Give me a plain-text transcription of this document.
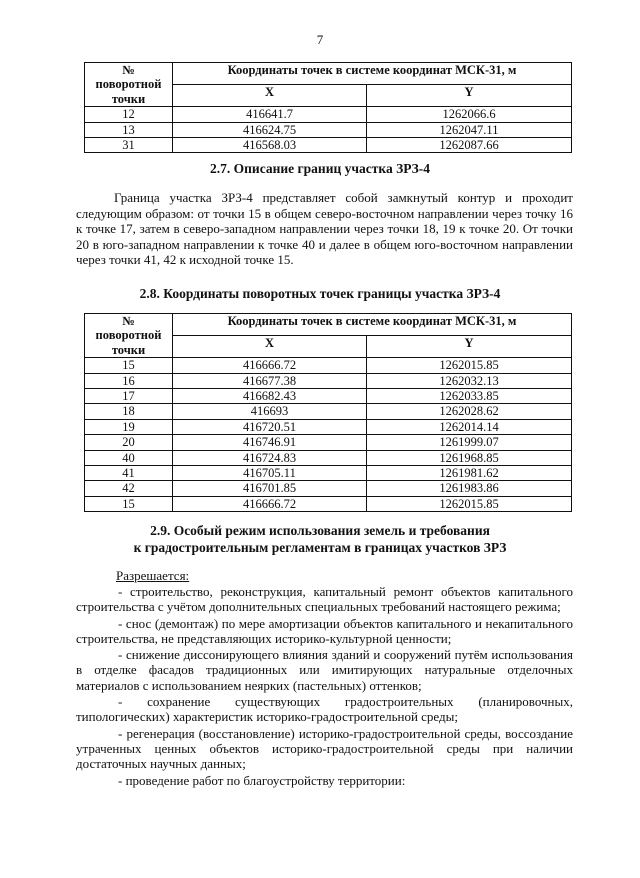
7
№ поворотной точки	Координаты точек в системе координат МСК-31, м	
	X	Y
12	416641.7	1262066.6
13	416624.75	1262047.11
31	416568.03	1262087.66
2.7. Описание границ участка ЗРЗ-4

Граница участка ЗРЗ-4 представляет собой замкнутый контур и проходит следующим образом: от точки 15 в общем северо-восточном направлении через точку 16 к точке 17, затем в северо-западном направлении через точки 18, 19 к точке 20. От точки 20 в юго-западном направлении к точке 40 и далее в общем юго-восточном направлении через точки 41, 42 к исходной точке 15.

2.8. Координаты поворотных точек границы участка ЗРЗ-4
№ поворотной точки	Координаты точек в системе координат МСК-31, м	
	X	Y
15	416666.72	1262015.85
16	416677.38	1262032.13
17	416682.43	1262033.85
18	416693	1262028.62
19	416720.51	1262014.14
20	416746.91	1261999.07
40	416724.83	1261968.85
41	416705.11	1261981.62
42	416701.85	1261983.86
15	416666.72	1262015.85
2.9. Особый режим использования земель и требования
к градостроительным регламентам в границах участков ЗРЗ
Разрешается:

- строительство, реконструкция, капитальный ремонт объектов капитального строительства с учётом дополнительных специальных требований настоящего режима;

- снос (демонтаж) по мере амортизации объектов капитального и некапитального строительства, не представляющих историко-культурной ценности;

- снижение диссонирующего влияния зданий и сооружений путём использования в отделке фасадов традиционных или имитирующих натуральные отделочных материалов с использованием неярких (пастельных) оттенков;

- сохранение существующих градостроительных (планировочных, типологических) характеристик историко-градостроительной среды;

- регенерация (восстановление) историко-градостроительной среды, воссоздание утраченных ценных объектов историко-градостроительной среды при наличии достаточных научных данных;

- проведение работ по благоустройству территории:
